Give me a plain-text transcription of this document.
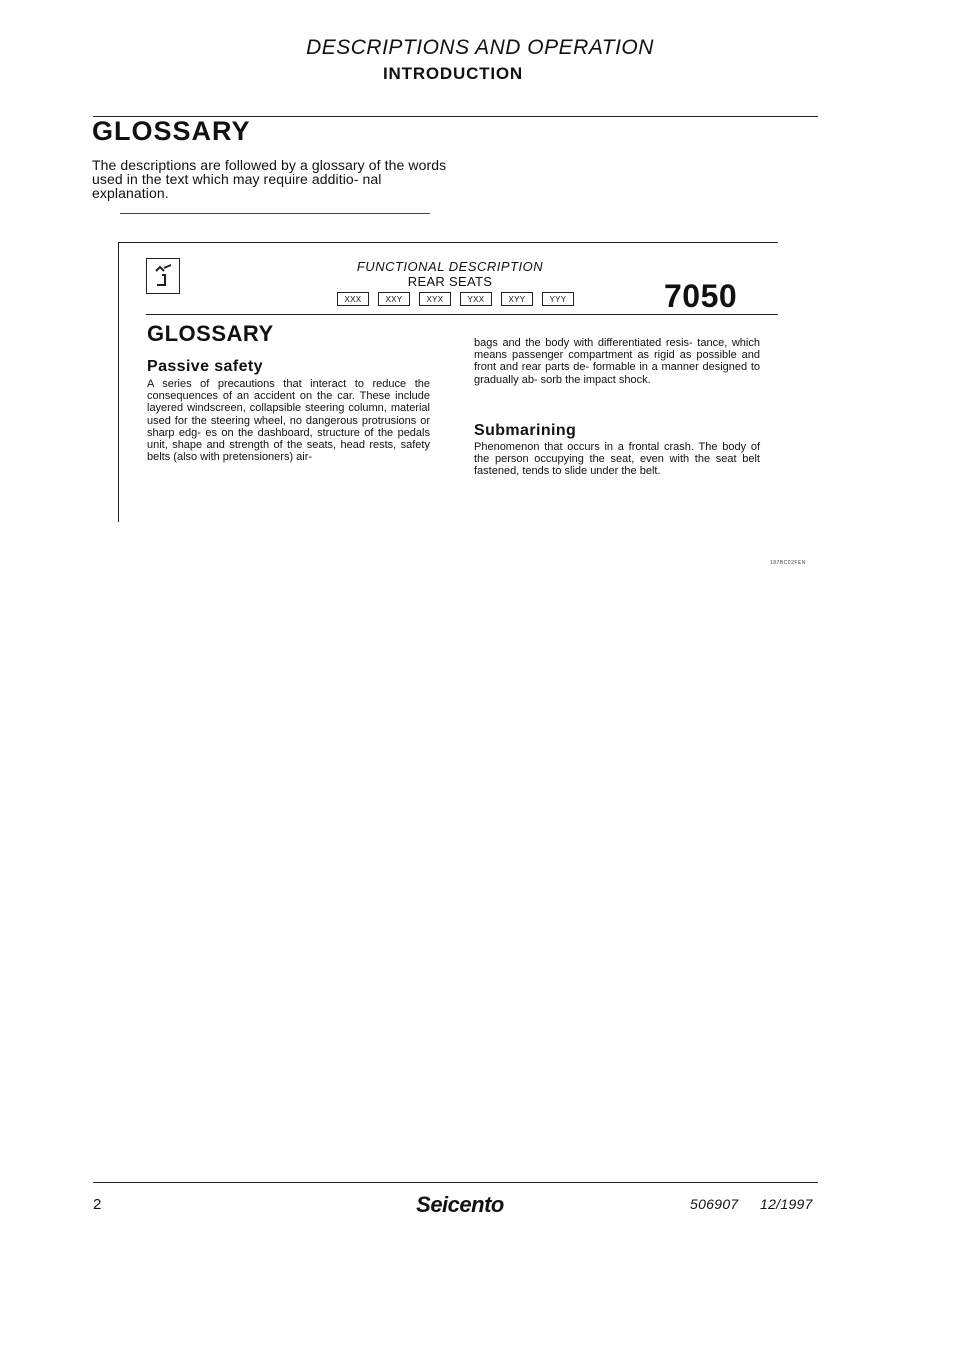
DESCRIPTIONS AND OPERATION
INTRODUCTION
GLOSSARY
The descriptions are followed by a glossary of the words used in the text which may require additio- nal explanation.
FUNCTIONAL DESCRIPTION
REAR SEATS
XXX	XXY	XYX	YXX	XYY	YYY	7050
GLOSSARY
Passive safety
A series of precautions that interact to reduce the consequences of an accident on the car. These include layered windscreen, collapsible steering column, material used for the steering wheel, no dangerous protrusions or sharp edg- es on the dashboard, structure of the pedals unit, shape and strength of the seats, head rests, safety belts (also with pretensioners) air-
bags and the body with differentiated resis- tance, which means passenger compartment as rigid as possible and front and rear parts de- formable in a manner designed to gradually ab- sorb the impact shock.
Submarining
Phenomenon that occurs in a frontal crash. The body of the person occupying the seat, even with the seat belt fastened, tends to slide under the belt.
187BC02FEN
2	Seicento	506907 12/1997
